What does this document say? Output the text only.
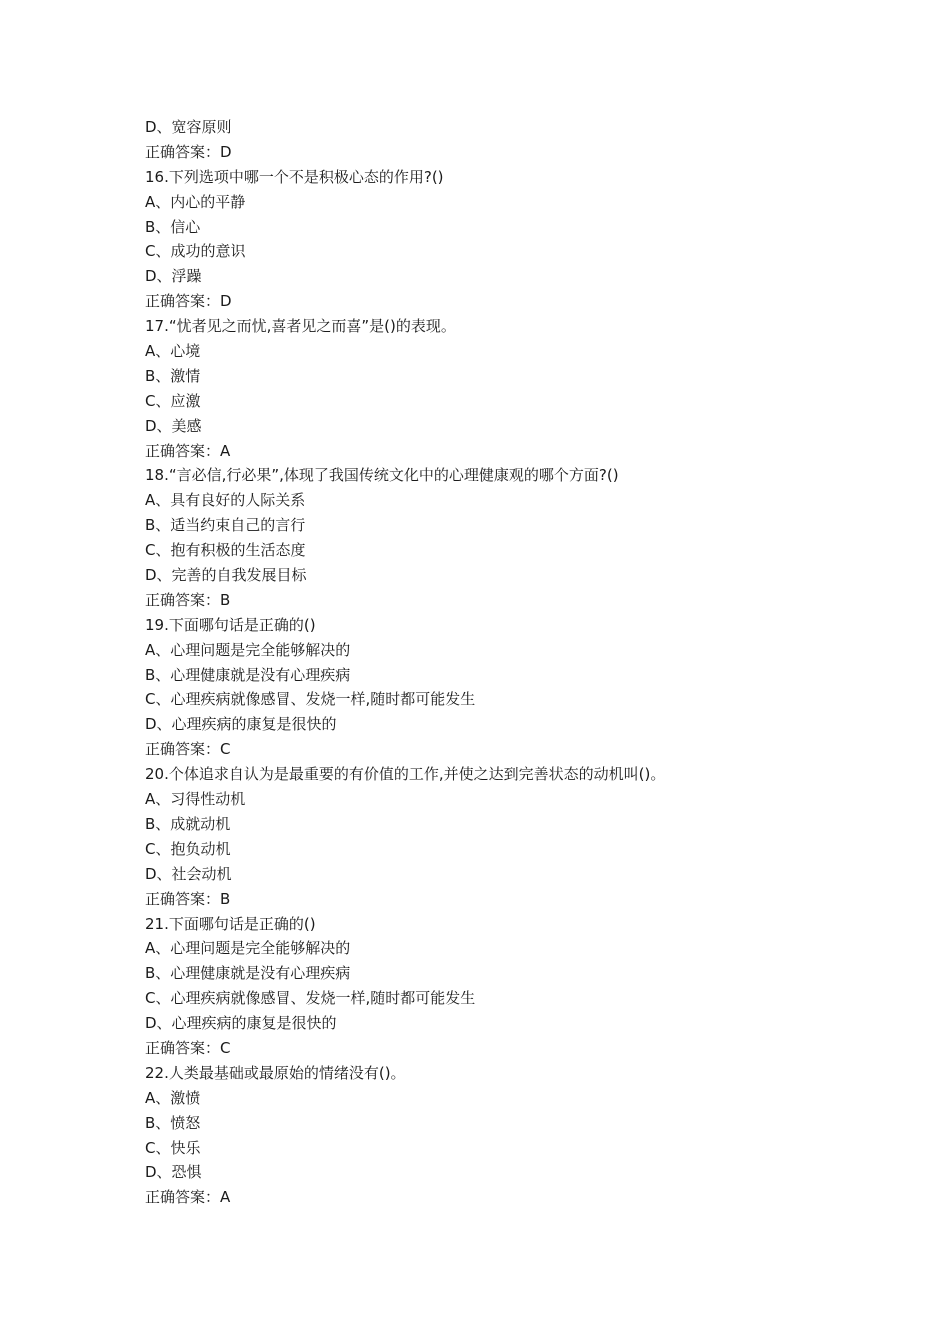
D、宽容原则
正确答案：D
16.下列选项中哪一个不是积极心态的作用?()
A、内心的平静
B、信心
C、成功的意识
D、浮躁
正确答案：D
17.“忧者见之而忧,喜者见之而喜”是()的表现。
A、心境
B、激情
C、应激
D、美感
正确答案：A
18.“言必信,行必果”,体现了我国传统文化中的心理健康观的哪个方面?()
A、具有良好的人际关系
B、适当约束自己的言行
C、抱有积极的生活态度
D、完善的自我发展目标
正确答案：B
19.下面哪句话是正确的()
A、心理问题是完全能够解决的
B、心理健康就是没有心理疾病
C、心理疾病就像感冒、发烧一样,随时都可能发生
D、心理疾病的康复是很快的
正确答案：C
20.个体追求自认为是最重要的有价值的工作,并使之达到完善状态的动机叫()。
A、习得性动机
B、成就动机
C、抱负动机
D、社会动机
正确答案：B
21.下面哪句话是正确的()
A、心理问题是完全能够解决的
B、心理健康就是没有心理疾病
C、心理疾病就像感冒、发烧一样,随时都可能发生
D、心理疾病的康复是很快的
正确答案：C
22.人类最基础或最原始的情绪没有()。
A、激愤
B、愤怒
C、快乐
D、恐惧
正确答案：A
